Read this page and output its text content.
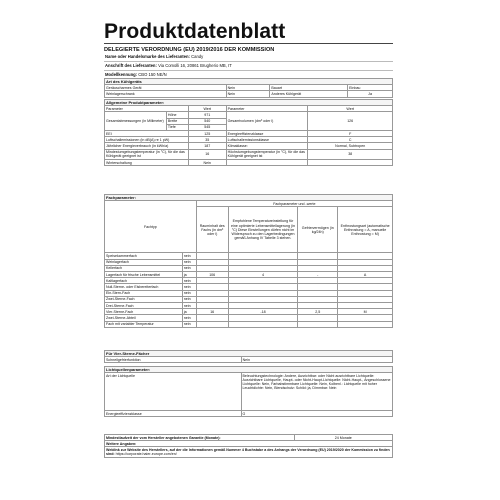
Produktdatenblatt
DELEGIERTE VERORDNUNG (EU) 2019/2016 DER KOMMISSION
Name oder Handelsmarke des Lieferanten: Candy
Anschrift des Lieferanten: Via Comolli 16, 20861 Brugherio MB, IT
Modellkennung: CBO 150 NE/N
Art des Kühlgeräts			
Geräuscharmes Gerät	Nein	Bauart	Einbau
Weinlagerschrank	Nein	Anderes Kühlgerät	Ja
Allgemeine Produktparameter:				
Parameter		Wert	Parameter	Wert
Gesamtabmessungen (in Millimeter)	Höhe	971	Gesamtvolumen (dm³ oder l)	126
	Breite	540		
	Tiefe	545		
EEI		125	Energieeffizienzklasse	F
Luftschallemissionen (in dB(A) re 1 pW)		35	Luftschallemissionsklasse	C
Jährlicher Energieverbrauch (in kWh/a)		187	Klimaklasse:	Normal, Subtropen
Mindestumgebungstemperatur (in °C), für die das Kühlgerät geeignet ist		16	Höchstumgebungstemperatur (in °C), für die das Kühlgerät geeignet ist	38
Winterschaltung		Nein		
Fachparameter:					
Fachtyp		Fachparameter und -werte			
		Rauminhalt des Fachs (in dm³ oder l)	Empfohlene Temperatureinstellung für eine optimierte Lebensmittellagerung (in °C) Diese Einstellungen dürfen nicht im Widerspruch zu den Lagerbedingungen gemäß Anhang IV Tabelle 3 stehen.	Gefriervermögen (in kg/24h)	Enthrostungsart (automatische Enthrostung = A, manuelle Enthrostung = M)
Speisekammerfach	nein				
Weinlagerfach	nein				
Kellerfach	nein				
Lagerfach für frische Lebensmittel	ja	106	4	-	A
Kaltlagerfach	nein				
Null-Sterne- oder Eisbereiterfach	nein				
Ein-Stern-Fach	nein				
Zwei-Sterne-Fach	nein				
Drei-Sterne-Fach	nein				
Vier-Sterne-Fach	ja	16	-18	2,5	M
Zwei-Sterne-Abteil	nein				
Fach mit variabler Temperatur	nein				
Für Vier-Sterne-Fächer
Schnellgefrierfunktion	Nein
Lichtquellenparameter:	
Art der Lichtquelle	Beleuchtungstechnologie: Andere, Ausrichtbar: oder Nicht ausrichtbare Lichtquelle: Ausrichtbare Lichtquelle, Haupt- oder Nicht-Haupt-Lichtquelle: Nicht-Haupt-, Angeschlossene Lichtquelle: Nein, Farbabstimmbare Lichtquelle: Nein, Kolbenl.: Lichtquelle mit hoher Leuchtdichte: Nein, Blendschutz: Schild: ja, Dimmbar: Nein
Energieeffizienzklasse	G
Mindestlaufzeit der vom Hersteller angebotenen Garantie (Monate):	24 Monate
Weitere Angaben:
Weblink zur Website des Herstellers, auf der die Informationen gemäß Nummer 4 Buchstabe a des Anhangs der Verordnung (EU) 2019/2020 der Kommission zu finden sind: https://corporate.haier-europe.com/en/
